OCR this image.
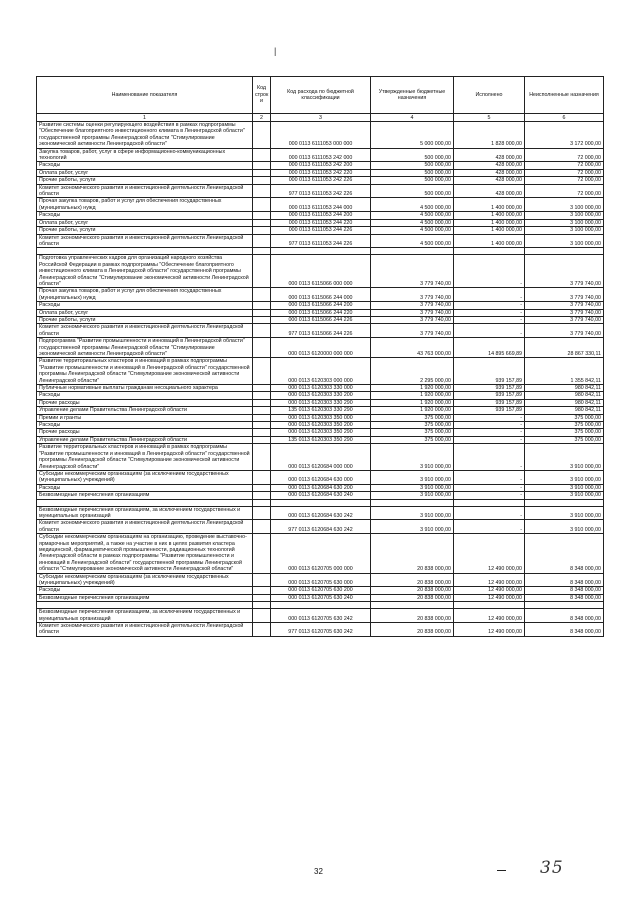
|
Наименование показателя	Код строк и	Код расхода по бюджетной классификации	Утвержденные бюджетные назначения	Исполнено	Неисполненные назначения
1	2	3	4	5	6
Развитие системы оценки регулирующего воздействия в рамках подпрограммы "Обеспечение благоприятного инвестиционного климата в Ленинградской области" государственной программы Ленинградской области "Стимулирование экономической активности Ленинградской области"		000 0113 6111053 000 000	5 000 000,00	1 828 000,00	3 172 000,00
Закупка товаров, работ, услуг в сфере информационно-коммуникационных технологий		000 0113 6111053 242 000	500 000,00	428 000,00	72 000,00
Расходы		000 0113 6111053 242 200	500 000,00	428 000,00	72 000,00
Оплата работ, услуг		000 0113 6111053 242 220	500 000,00	428 000,00	72 000,00
Прочие работы, услуги		000 0113 6111053 242 226	500 000,00	428 000,00	72 000,00
Комитет экономического развития и инвестиционной деятельности Ленинградской области		977 0113 6111053 242 226	500 000,00	428 000,00	72 000,00
Прочая закупка товаров, работ и услуг для обеспечения государственных (муниципальных) нужд		000 0113 6111053 244 000	4 500 000,00	1 400 000,00	3 100 000,00
Расходы		000 0113 6111053 244 200	4 500 000,00	1 400 000,00	3 100 000,00
Оплата работ, услуг		000 0113 6111053 244 220	4 500 000,00	1 400 000,00	3 100 000,00
Прочие работы, услуги		000 0113 6111053 244 226	4 500 000,00	1 400 000,00	3 100 000,00
Комитет экономического развития и инвестиционной деятельности Ленинградской области		977 0113 6111053 244 226	4 500 000,00	1 400 000,00	3 100 000,00

Подготовка управленческих кадров для организаций народного хозяйства Российской Федерации в рамках подпрограммы "Обеспечение благоприятного инвестиционного климата в Ленинградской области" государственной программы Ленинградской области "Стимулирование экономической активности Ленинградской области"		000 0113 6115066 000 000	3 779 740,00	-	3 779 740,00
Прочая закупка товаров, работ и услуг для обеспечения государственных (муниципальных) нужд		000 0113 6115066 244 000	3 779 740,00	-	3 779 740,00
Расходы		000 0113 6115066 244 200	3 779 740,00	-	3 779 740,00
Оплата работ, услуг		000 0113 6115066 244 220	3 779 740,00	-	3 779 740,00
Прочие работы, услуги		000 0113 6115066 244 226	3 779 740,00	-	3 779 740,00
Комитет экономического развития и инвестиционной деятельности Ленинградской области		977 0113 6115066 244 226	3 779 740,00	-	3 779 740,00
Подпрограмма "Развитие промышленности и инноваций в Ленинградской области" государственной программы Ленинградской области "Стимулирование экономической активности Ленинградской области"		000 0113 6120000 000 000	43 763 000,00	14 895 669,89	28 867 330,11
Развитие территориальных кластеров и инноваций в рамках подпрограммы "Развитие промышленности и инноваций в Ленинградской области" государственной программы Ленинградской области "Стимулирование экономической активности Ленинградской области"		000 0113 6120303 000 000	2 295 000,00	939 157,89	1 355 842,11
Публичные нормативные выплаты гражданам несоциального характера		000 0113 6120303 330 000	1 920 000,00	939 157,89	980 842,11
Расходы		000 0113 6120303 330 200	1 920 000,00	939 157,89	980 842,11
Прочие расходы		000 0113 6120303 330 290	1 920 000,00	939 157,89	980 842,11
Управление делами Правительства Ленинградской области		135 0113 6120303 330 290	1 920 000,00	939 157,89	980 842,11
Премии и гранты		000 0113 6120303 350 000	375 000,00	-	375 000,00
Расходы		000 0113 6120303 350 200	375 000,00	-	375 000,00
Прочие расходы		000 0113 6120303 350 290	375 000,00	-	375 000,00
Управление делами Правительства Ленинградской области		135 0113 6120303 350 290	375 000,00	-	375 000,00
Развитие территориальных кластеров и инноваций в рамках подпрограммы "Развитие промышленности и инноваций в Ленинградской области" государственной программы Ленинградской области "Стимулирование экономической активности Ленинградской области"		000 0113 6120684 000 000	3 910 000,00	-	3 910 000,00
Субсидии некоммерческим организациям (за исключением государственных (муниципальных) учреждений)		000 0113 6120684 630 000	3 910 000,00	-	3 910 000,00
Расходы		000 0113 6120684 630 200	3 910 000,00	-	3 910 000,00
Безвозмездные перечисления организациям		000 0113 6120684 630 240	3 910 000,00	-	3 910 000,00

Безвозмездные перечисления организациям, за исключением государственных и муниципальных организаций		000 0113 6120684 630 242	3 910 000,00	-	3 910 000,00
Комитет экономического развития и инвестиционной деятельности Ленинградской области		977 0113 6120684 630 242	3 910 000,00	-	3 910 000,00
Субсидии некоммерческим организациям на организацию, проведение выставочно-ярмарочных мероприятий, а также на участие в них в целях развития кластера медицинской, фармацевтической промышленности, радиационных технологий Ленинградской области в рамках подпрограммы "Развитие промышленности и инноваций в Ленинградской области" государственной программы Ленинградской области "Стимулирование экономической активности Ленинградской области"		000 0113 6120705 000 000	20 838 000,00	12 490 000,00	8 348 000,00
Субсидии некоммерческим организациям (за исключением государственных (муниципальных) учреждений)		000 0113 6120705 630 000	20 838 000,00	12 490 000,00	8 348 000,00
Расходы		000 0113 6120705 630 200	20 838 000,00	12 490 000,00	8 348 000,00
Безвозмездные перечисления организациям		000 0113 6120705 630 240	20 838 000,00	12 490 000,00	8 348 000,00

Безвозмездные перечисления организациям, за исключением государственных и муниципальных организаций		000 0113 6120705 630 242	20 838 000,00	12 490 000,00	8 348 000,00
Комитет экономического развития и инвестиционной деятельности Ленинградской области		977 0113 6120705 630 242	20 838 000,00	12 490 000,00	8 348 000,00
32	35
